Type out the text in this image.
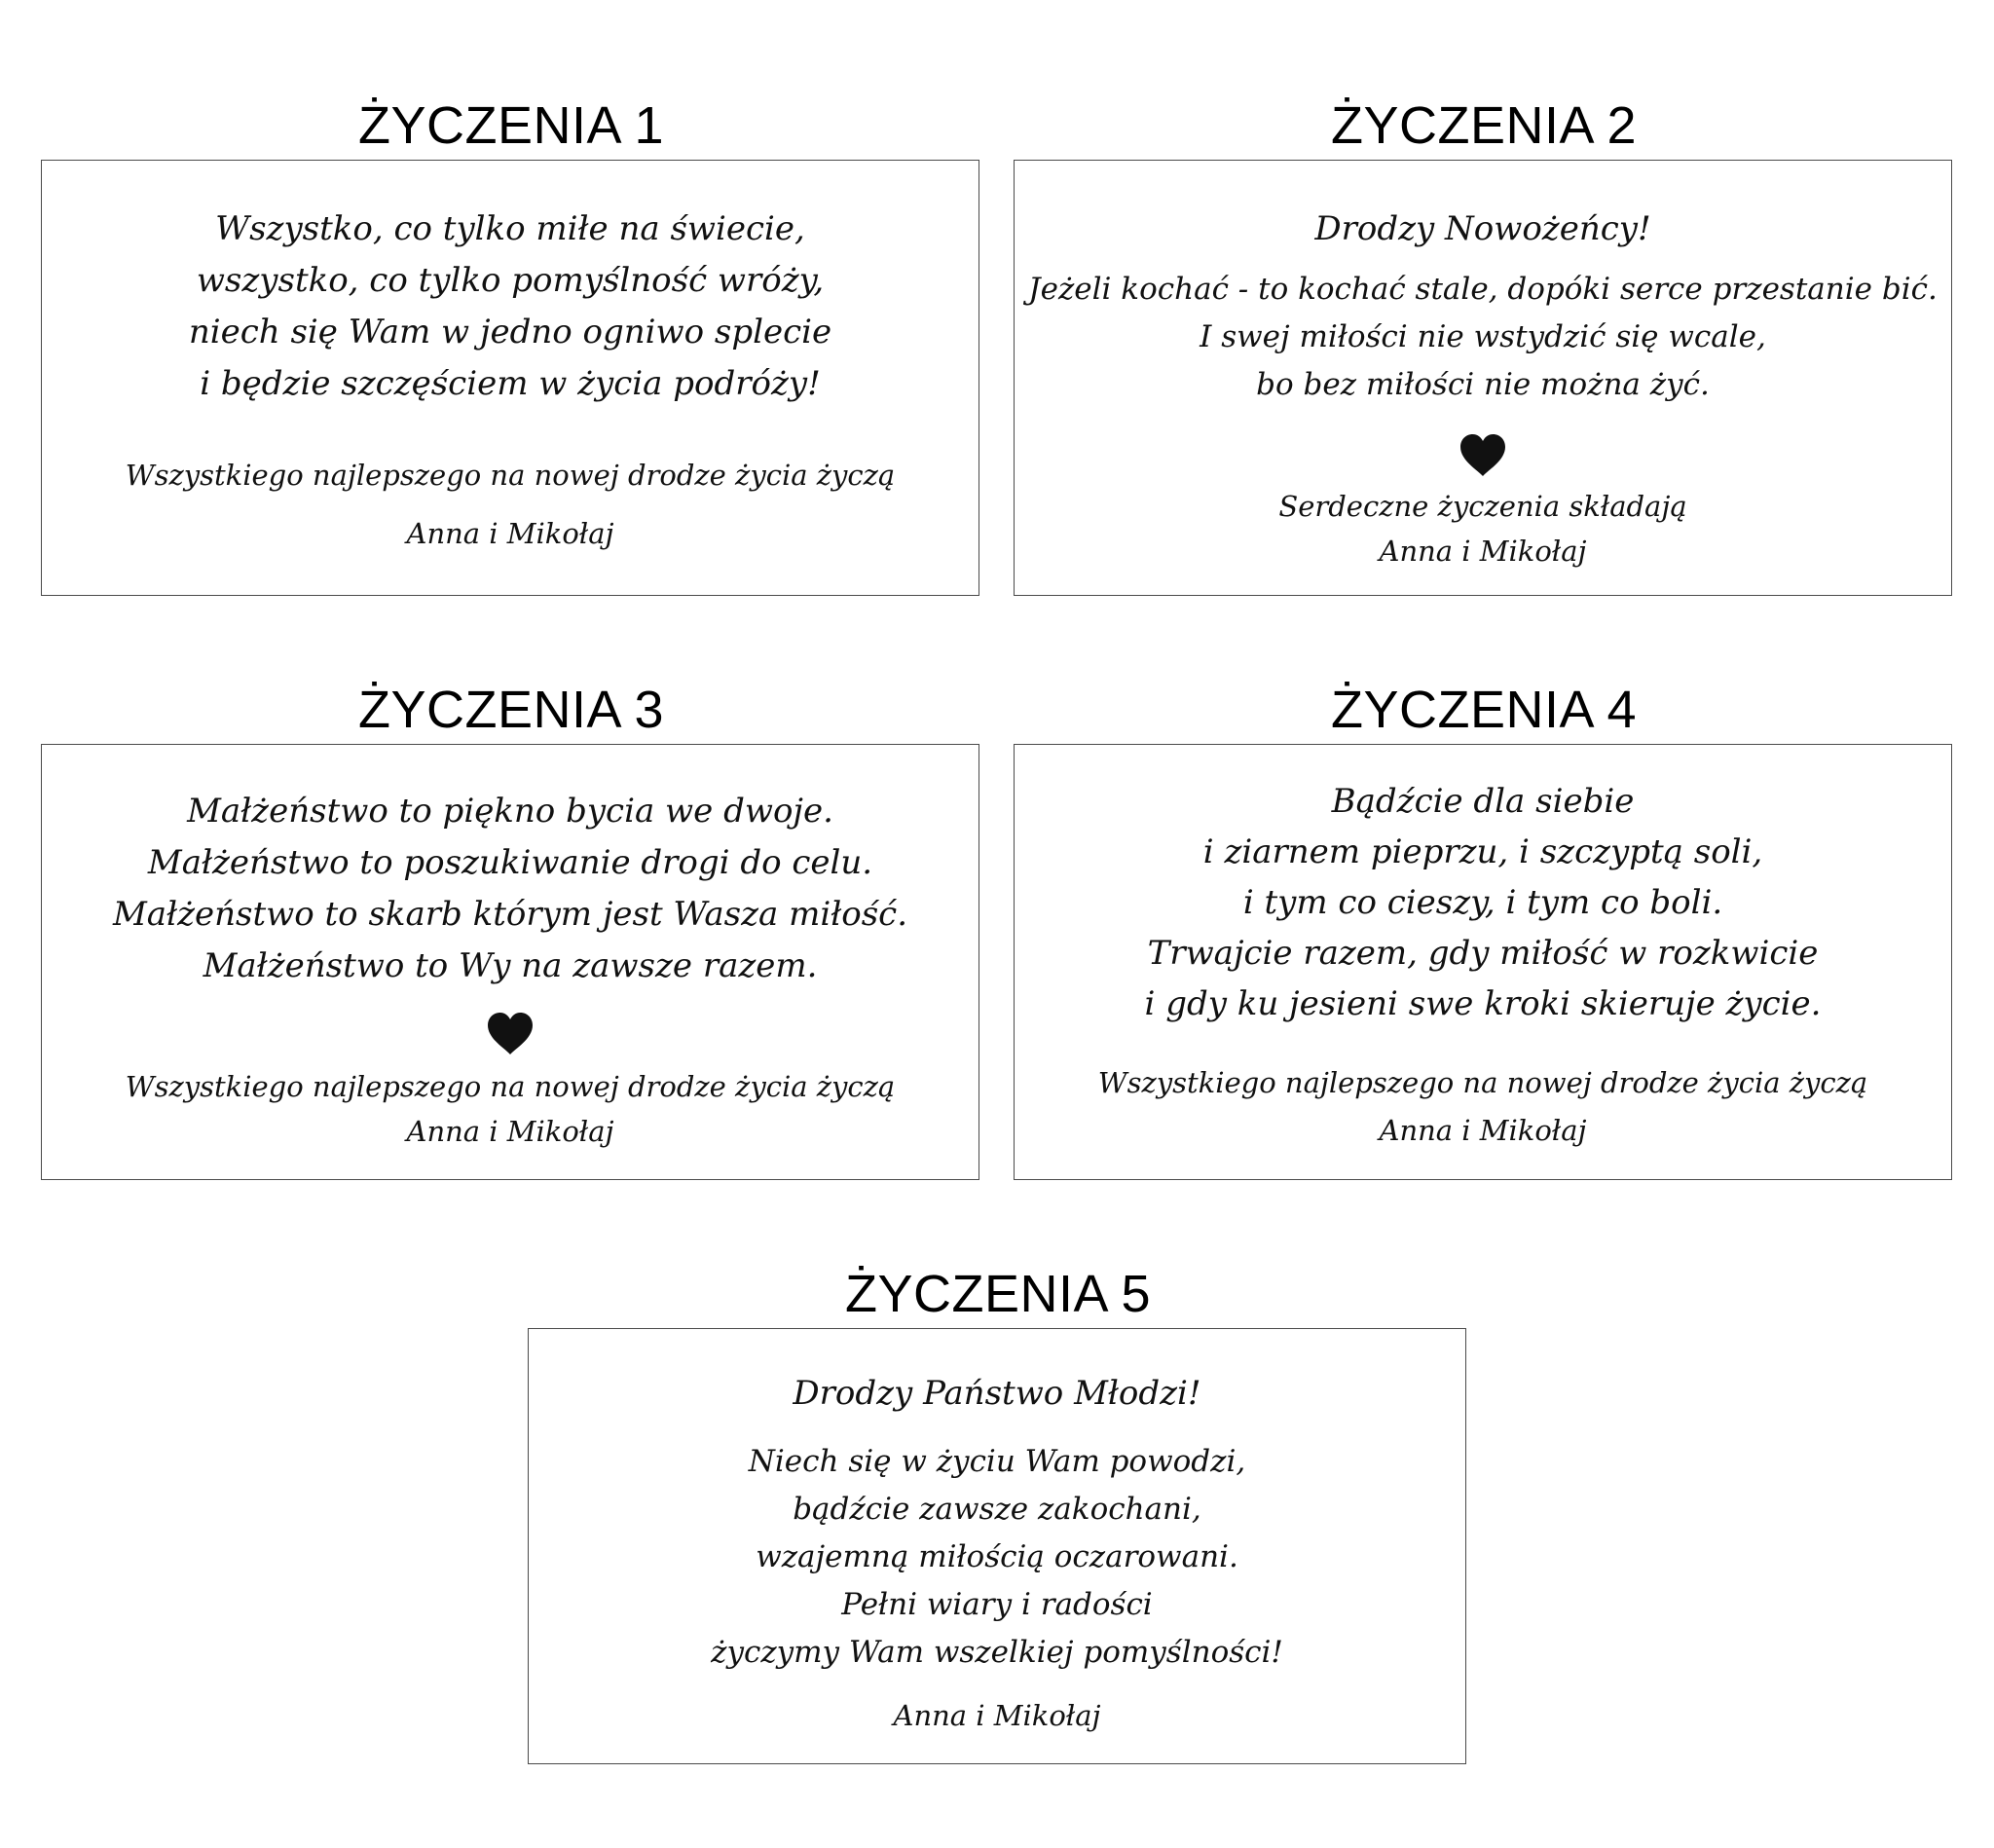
ŻYCZENIA 1
Wszystko, co tylko miłe na świecie,
wszystko, co tylko pomyślność wróży,
niech się Wam w jedno ogniwo splecie
i będzie szczęściem w życia podróży!
Wszystkiego najlepszego na nowej drodze życia życzą
Anna i Mikołaj
ŻYCZENIA 2
Drodzy Nowożeńcy!
Jeżeli kochać - to kochać stale, dopóki serce przestanie bić.
I swej miłości nie wstydzić się wcale,
bo bez miłości nie można żyć.
Serdeczne życzenia składają
Anna i Mikołaj
ŻYCZENIA 3
Małżeństwo to piękno bycia we dwoje.
Małżeństwo to poszukiwanie drogi do celu.
Małżeństwo to skarb którym jest Wasza miłość.
Małżeństwo to Wy na zawsze razem.
Wszystkiego najlepszego na nowej drodze życia życzą
Anna i Mikołaj
ŻYCZENIA 4
Bądźcie dla siebie
i ziarnem pieprzu, i szczyptą soli,
i tym co cieszy, i tym co boli.
Trwajcie razem, gdy miłość w rozkwicie
i gdy ku jesieni swe kroki skieruje życie.
Wszystkiego najlepszego na nowej drodze życia życzą
Anna i Mikołaj
ŻYCZENIA 5
Drodzy Państwo Młodzi!
Niech się w życiu Wam powodzi,
bądźcie zawsze zakochani,
wzajemną miłością oczarowani.
Pełni wiary i radości
życzymy Wam wszelkiej pomyślności!
Anna i Mikołaj
